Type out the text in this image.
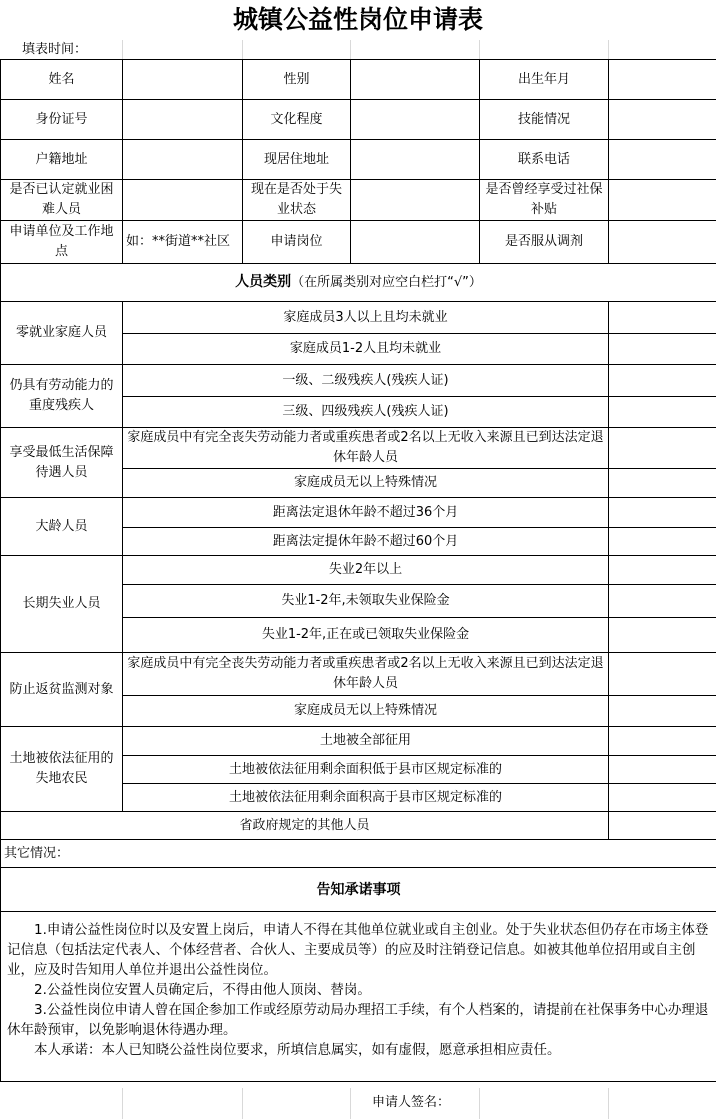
城镇公益性岗位申请表
填表时间：
姓名		性别		出生年月	
身份证号		文化程度		技能情况	
户籍地址		现居住地址		联系电话	
是否已认定就业困难人员		现在是否处于失业状态		是否曾经享受过社保补贴	
申请单位及工作地点	如：**街道**社区	申请岗位		是否服从调剂	
人员类别（在所属类别对应空白栏打“√”）					
零就业家庭人员	家庭成员3人以上且均未就业				
	家庭成员1-2人且均未就业				
仍具有劳动能力的重度残疾人	一级、二级残疾人(残疾人证)				
	三级、四级残疾人(残疾人证)				
享受最低生活保障待遇人员	家庭成员中有完全丧失劳动能力者或重疾患者或2名以上无收入来源且已到达法定退休年龄人员				
	家庭成员无以上特殊情况				
大龄人员	距离法定退休年龄不超过36个月				
	距离法定提休年龄不超过60个月				
长期失业人员	失业2年以上				
	失业1-2年,未领取失业保险金				
	失业1-2年,正在或已领取失业保险金				
防止返贫监测对象	家庭成员中有完全丧失劳动能力者或重疾患者或2名以上无收入来源且已到达法定退休年龄人员				
	家庭成员无以上特殊情况				
土地被依法征用的失地农民	土地被全部征用				
	土地被依法征用剩余面积低于县市区规定标准的				
	土地被依法征用剩余面积高于县市区规定标准的				
省政府规定的其他人员					
其它情况：					
告知承诺事项					

1.申请公益性岗位时以及安置上岗后，申请人不得在其他单位就业或自主创业。处于失业状态但仍存在市场主体登记信息（包括法定代表人、个体经营者、合伙人、主要成员等）的应及时注销登记信息。如被其他单位招用或自主创业，应及时告知用人单位并退出公益性岗位。

2.公益性岗位安置人员确定后，不得由他人顶岗、替岗。

3.公益性岗位申请人曾在国企参加工作或经原劳动局办理招工手续，有个人档案的，请提前在社保事务中心办理退休年龄预审，以免影响退休待遇办理。

本人承诺：本人已知晓公益性岗位要求，所填信息属实，如有虚假，愿意承担相应责任。					

申请人签名：
